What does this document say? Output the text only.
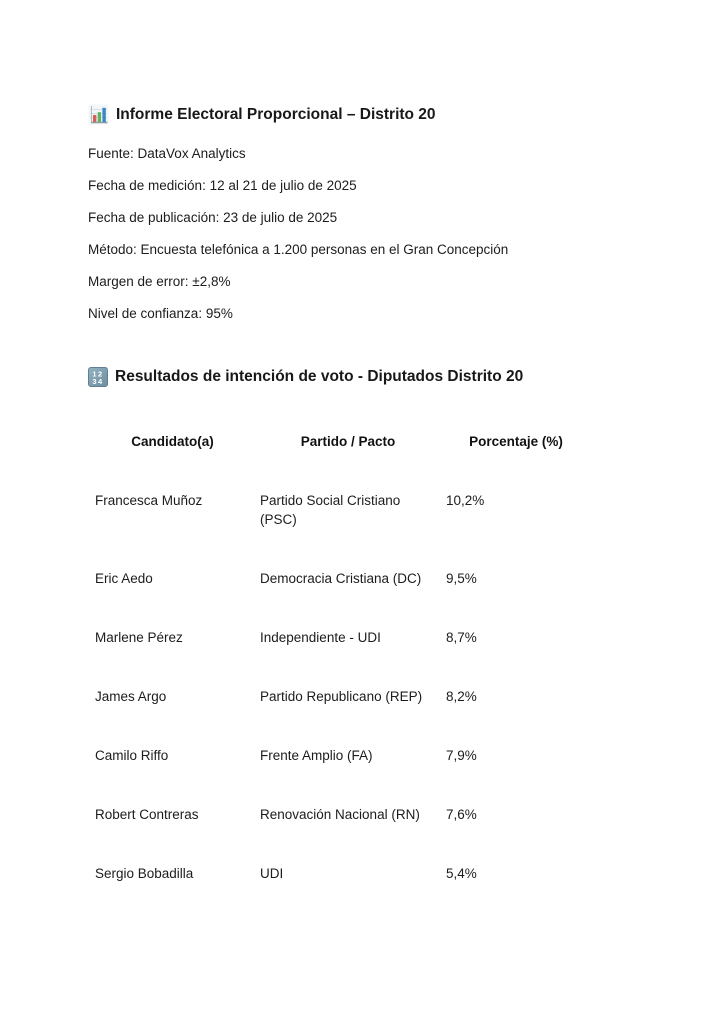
Informe Electoral Proporcional – Distrito 20

Fuente: DataVox Analytics

Fecha de medición: 12 al 21 de julio de 2025

Fecha de publicación: 23 de julio de 2025

Método: Encuesta telefónica a 1.200 personas en el Gran Concepción

Margen de error: ±2,8%

Nivel de confianza: 95%

12
34 Resultados de intención de voto - Diputados Distrito 20
Candidato(a)	Partido / Pacto	Porcentaje (%)
Francesca Muñoz	Partido Social Cristiano (PSC)	10,2%
Eric Aedo	Democracia Cristiana (DC)	9,5%
Marlene Pérez	Independiente - UDI	8,7%
James Argo	Partido Republicano (REP)	8,2%
Camilo Riffo	Frente Amplio (FA)	7,9%
Robert Contreras	Renovación Nacional (RN)	7,6%
Sergio Bobadilla	UDI	5,4%
